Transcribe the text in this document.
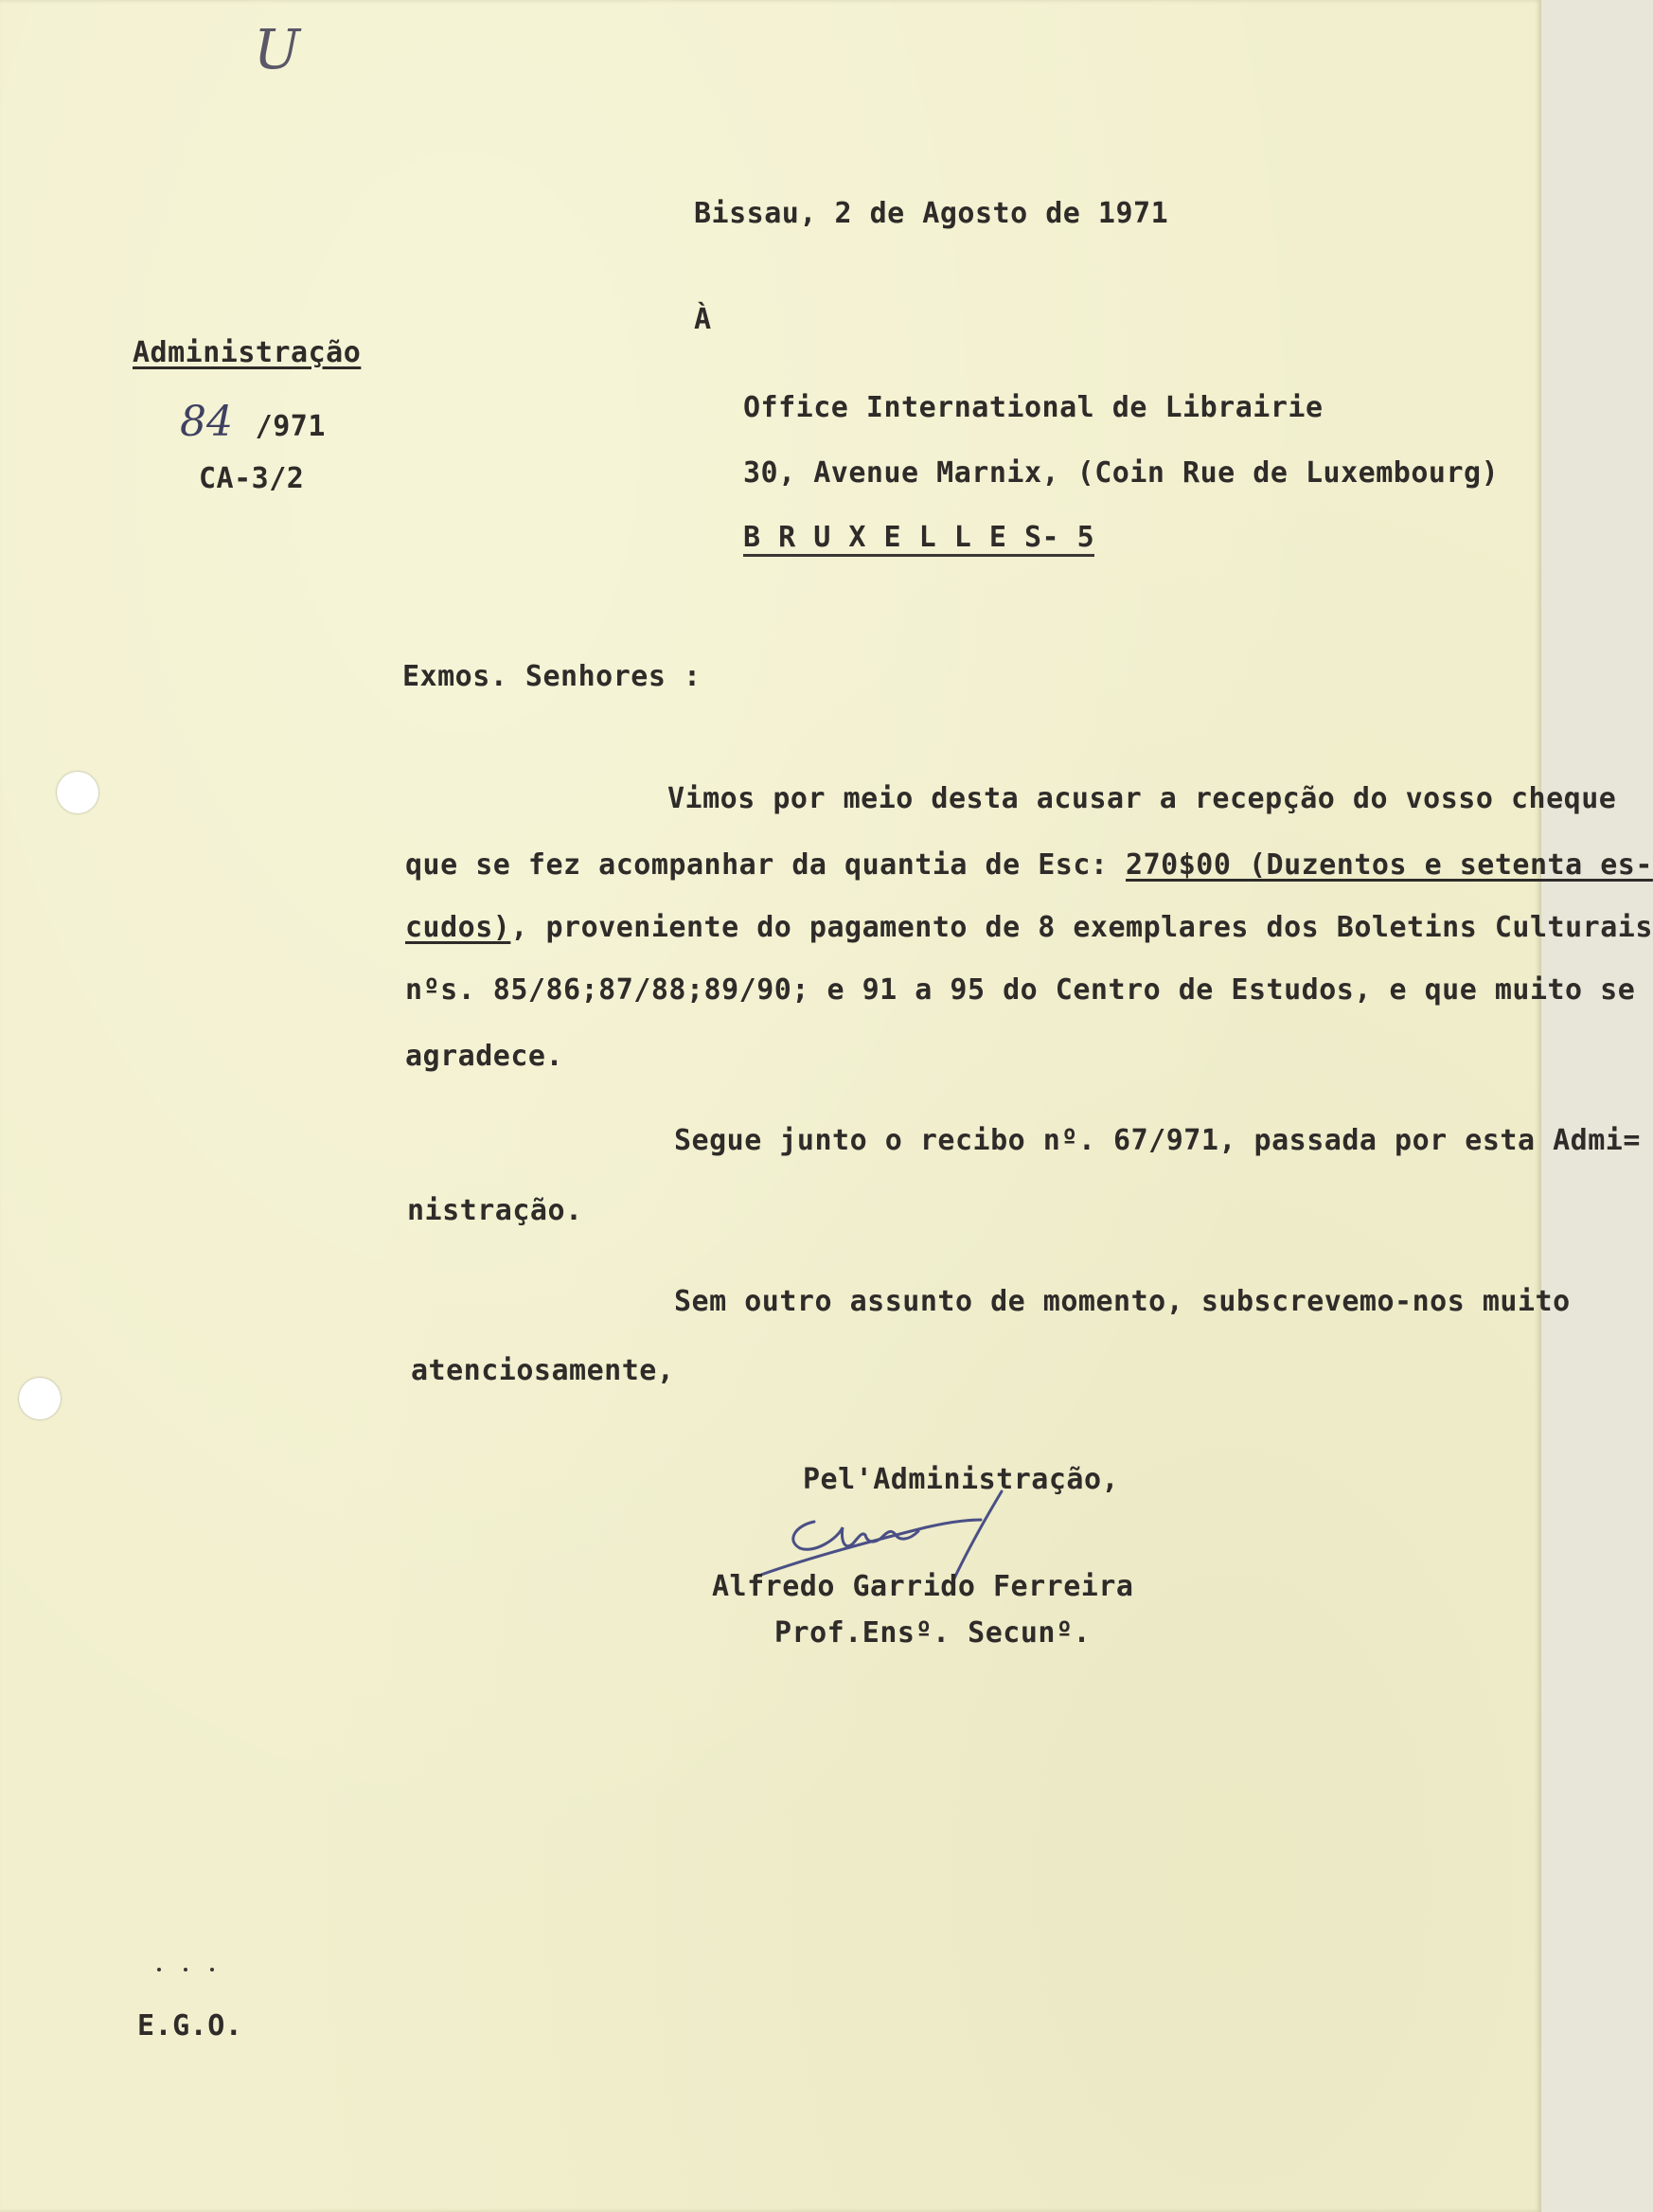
U
Bissau, 2 de Agosto de 1971
À
Administração
84 /971
CA-3/2
Office International de Librairie
30, Avenue Marnix, (Coin Rue de Luxembourg)
B R U X E L L E S- 5
Exmos. Senhores :
Vimos por meio desta acusar a recepção do vosso cheque
que se fez acompanhar da quantia de Esc: 270$00 (Duzentos e setenta es-
cudos), proveniente do pagamento de 8 exemplares dos Boletins Culturais
nºs. 85/86;87/88;89/90; e 91 a 95 do Centro de Estudos, e que muito se
agradece.
Segue junto o recibo nº. 67/971, passada por esta Admi=
nistração.
Sem outro assunto de momento, subscrevemo-nos muito
atenciosamente,
Pel'Administração,
Alfredo Garrido Ferreira
Prof.Ensº. Secunº.
E.G.O.
